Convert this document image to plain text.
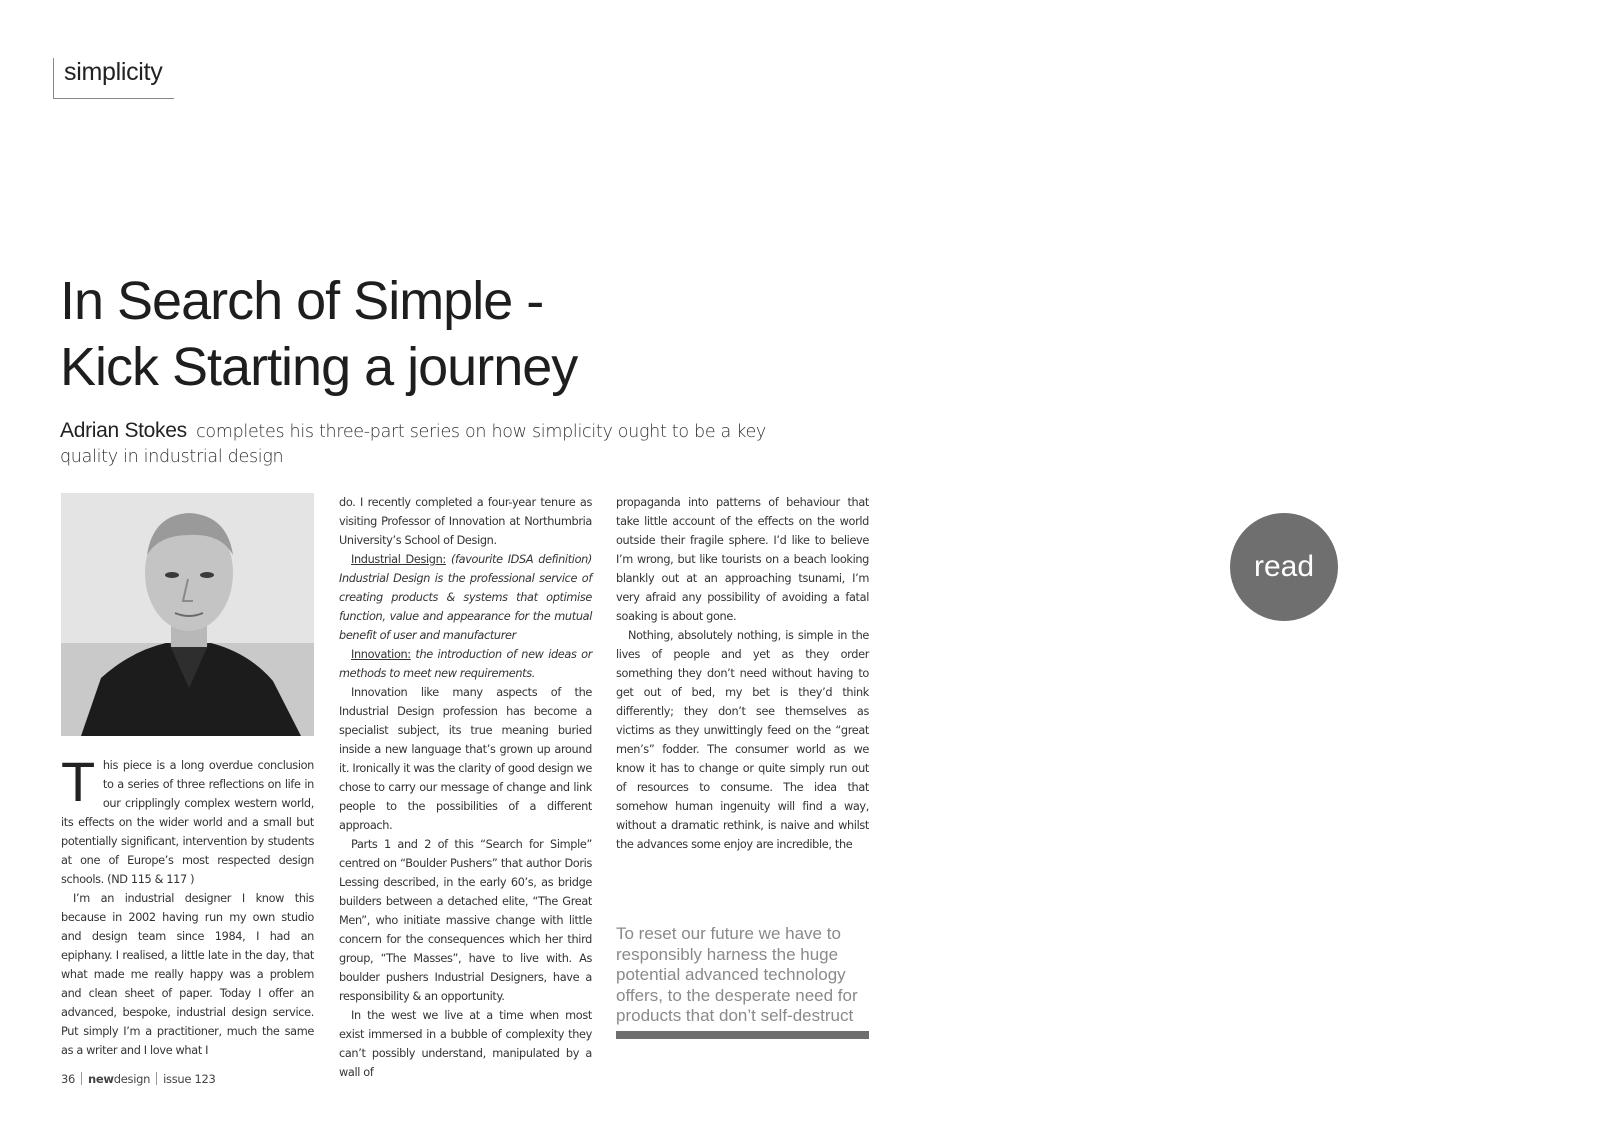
simplicity
In Search of Simple -
Kick Starting a journey
Adrian Stokes completes his three-part series on how simplicity ought to be a key quality in industrial design

This piece is a long overdue conclusion to a series of three reflections on life in our cripplingly complex western world, its effects on the wider world and a small but potentially significant, intervention by students at one of Europe’s most respected design schools. (ND 115 & 117 )

I’m an industrial designer I know this because in 2002 having run my own studio and design team since 1984, I had an epiphany. I realised, a little late in the day, that what made me really happy was a problem and clean sheet of paper. Today I offer an advanced, bespoke, industrial design service. Put simply I’m a practitioner, much the same as a writer and I love what I

do. I recently completed a four-year tenure as visiting Professor of Innovation at Northumbria University’s School of Design.

Industrial Design: (favourite IDSA definition) Industrial Design is the professional service of creating products & systems that optimise function, value and appearance for the mutual benefit of user and manufacturer

Innovation: the introduction of new ideas or methods to meet new requirements.

Innovation like many aspects of the Industrial Design profession has become a specialist subject, its true meaning buried inside a new language that’s grown up around it. Ironically it was the clarity of good design we chose to carry our message of change and link people to the possibilities of a different approach.

Parts 1 and 2 of this “Search for Simple” centred on “Boulder Pushers” that author Doris Lessing described, in the early 60’s, as bridge builders between a detached elite, “The Great Men”, who initiate massive change with little concern for the consequences which her third group, “The Masses”, have to live with. As boulder pushers Industrial Designers, have a responsibility & an opportunity.

In the west we live at a time when most exist immersed in a bubble of complexity they can’t possibly understand, manipulated by a wall of

propaganda into patterns of behaviour that take little account of the effects on the world outside their fragile sphere. I’d like to believe I’m wrong, but like tourists on a beach looking blankly out at an approaching tsunami, I’m very afraid any possibility of avoiding a fatal soaking is about gone.

Nothing, absolutely nothing, is simple in the lives of people and yet as they order something they don’t need without having to get out of bed, my bet is they’d think differently; they don’t see themselves as victims as they unwittingly feed on the “great men’s” fodder. The consumer world as we know it has to change or quite simply run out of resources to consume. The idea that somehow human ingenuity will find a way, without a dramatic rethink, is naive and whilst the advances some enjoy are incredible, the

To reset our future we have to responsibly harness the huge potential advanced technology offers, to the desperate need for products that don’t self-destruct
36 newdesign issue 123
read
